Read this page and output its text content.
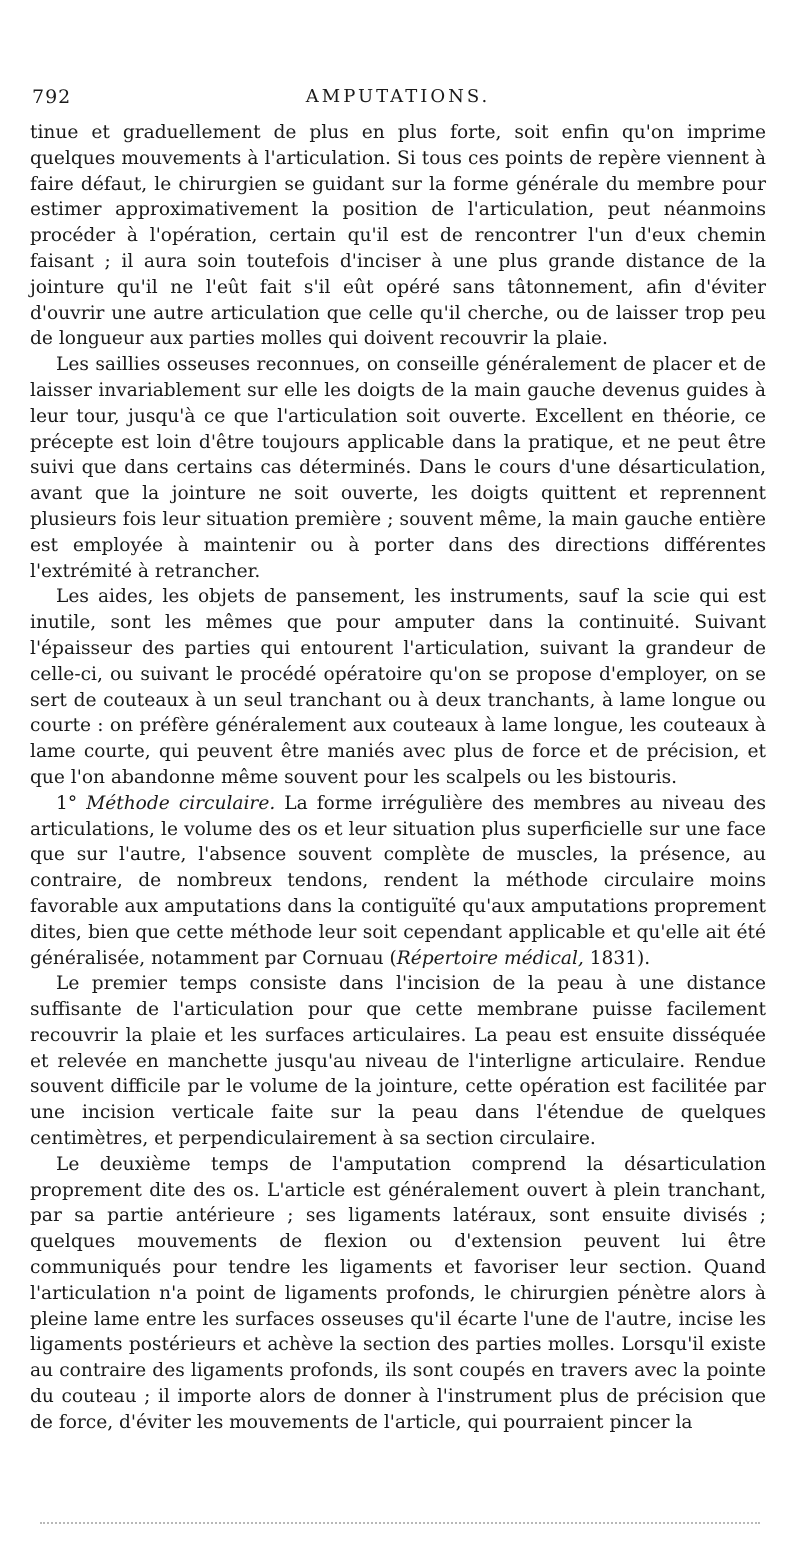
792	AMPUTATIONS.

tinue et graduellement de plus en plus forte, soit enfin qu'on imprime quelques mouvements à l'articulation. Si tous ces points de repère viennent à faire défaut, le chirurgien se guidant sur la forme générale du membre pour estimer approximativement la position de l'articulation, peut néanmoins procéder à l'opération, certain qu'il est de rencontrer l'un d'eux chemin faisant ; il aura soin toutefois d'inciser à une plus grande distance de la jointure qu'il ne l'eût fait s'il eût opéré sans tâtonnement, afin d'éviter d'ouvrir une autre articulation que celle qu'il cherche, ou de laisser trop peu de longueur aux parties molles qui doivent recouvrir la plaie.

Les saillies osseuses reconnues, on conseille généralement de placer et de laisser invariablement sur elle les doigts de la main gauche devenus guides à leur tour, jusqu'à ce que l'articulation soit ouverte. Excellent en théorie, ce précepte est loin d'être toujours applicable dans la pratique, et ne peut être suivi que dans certains cas déterminés. Dans le cours d'une désarticulation, avant que la jointure ne soit ouverte, les doigts quittent et reprennent plusieurs fois leur situation première ; souvent même, la main gauche entière est employée à maintenir ou à porter dans des directions différentes l'extrémité à retrancher.

Les aides, les objets de pansement, les instruments, sauf la scie qui est inutile, sont les mêmes que pour amputer dans la continuité. Suivant l'épaisseur des parties qui entourent l'articulation, suivant la grandeur de celle-ci, ou suivant le procédé opératoire qu'on se propose d'employer, on se sert de couteaux à un seul tranchant ou à deux tranchants, à lame longue ou courte : on préfère généralement aux couteaux à lame longue, les couteaux à lame courte, qui peuvent être maniés avec plus de force et de précision, et que l'on abandonne même souvent pour les scalpels ou les bistouris.

1° Méthode circulaire. La forme irrégulière des membres au niveau des articulations, le volume des os et leur situation plus superficielle sur une face que sur l'autre, l'absence souvent complète de muscles, la présence, au contraire, de nombreux tendons, rendent la méthode circulaire moins favorable aux amputations dans la contiguïté qu'aux amputations proprement dites, bien que cette méthode leur soit cependant applicable et qu'elle ait été généralisée, notamment par Cornuau (Répertoire médical, 1831).

Le premier temps consiste dans l'incision de la peau à une distance suffisante de l'articulation pour que cette membrane puisse facilement recouvrir la plaie et les surfaces articulaires. La peau est ensuite disséquée et relevée en manchette jusqu'au niveau de l'interligne articulaire. Rendue souvent difficile par le volume de la jointure, cette opération est facilitée par une incision verticale faite sur la peau dans l'étendue de quelques centimètres, et perpendiculairement à sa section circulaire.

Le deuxième temps de l'amputation comprend la désarticulation proprement dite des os. L'article est généralement ouvert à plein tranchant, par sa partie antérieure ; ses ligaments latéraux, sont ensuite divisés ; quelques mouvements de flexion ou d'extension peuvent lui être communiqués pour tendre les ligaments et favoriser leur section. Quand l'articulation n'a point de ligaments profonds, le chirurgien pénètre alors à pleine lame entre les surfaces osseuses qu'il écarte l'une de l'autre, incise les ligaments postérieurs et achève la section des parties molles. Lorsqu'il existe au contraire des ligaments profonds, ils sont coupés en travers avec la pointe du couteau ; il importe alors de donner à l'instrument plus de précision que de force, d'éviter les mouvements de l'article, qui pourraient pincer la
